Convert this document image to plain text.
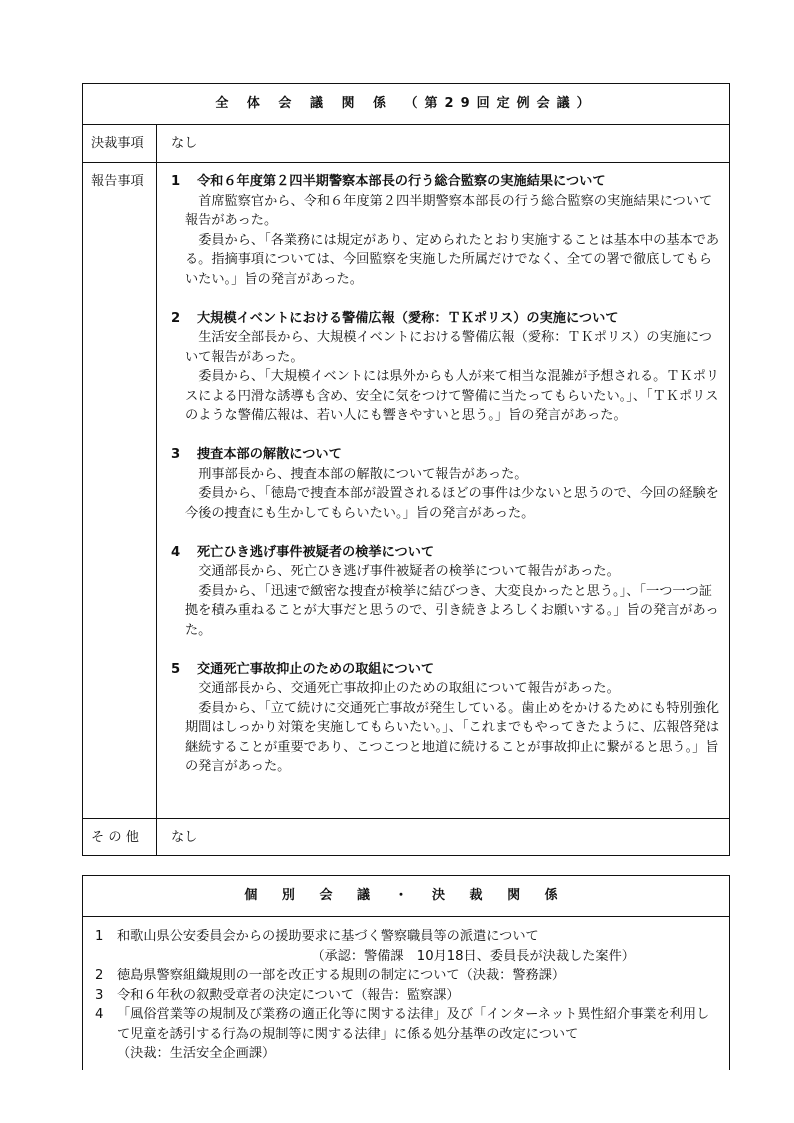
全 体 会 議 関 係 （第29回定例会議）
決裁事項	なし
報告事項	1 令和６年度第２四半期警察本部長の行う総合監察の実施結果について

首席監察官から、令和６年度第２四半期警察本部長の行う総合監察の実施結果について報告があった。

委員から、「各業務には規定があり、定められたとおり実施することは基本中の基本である。指摘事項については、今回監察を実施した所属だけでなく、全ての署で徹底してもらいたい。」旨の発言があった。

2 大規模イベントにおける警備広報（愛称：ＴＫポリス）の実施について

生活安全部長から、大規模イベントにおける警備広報（愛称：ＴＫポリス）の実施について報告があった。

委員から、「大規模イベントには県外からも人が来て相当な混雑が予想される。ＴＫポリスによる円滑な誘導も含め、安全に気をつけて警備に当たってもらいたい。」、「ＴＫポリスのような警備広報は、若い人にも響きやすいと思う。」旨の発言があった。

3 捜査本部の解散について

刑事部長から、捜査本部の解散について報告があった。

委員から、「徳島で捜査本部が設置されるほどの事件は少ないと思うので、今回の経験を今後の捜査にも生かしてもらいたい。」旨の発言があった。

4 死亡ひき逃げ事件被疑者の検挙について

交通部長から、死亡ひき逃げ事件被疑者の検挙について報告があった。

委員から、「迅速で緻密な捜査が検挙に結びつき、大変良かったと思う。」、「一つ一つ証拠を積み重ねることが大事だと思うので、引き続きよろしくお願いする。」旨の発言があった。

5 交通死亡事故抑止のための取組について

交通部長から、交通死亡事故抑止のための取組について報告があった。

委員から、「立て続けに交通死亡事故が発生している。歯止めをかけるためにも特別強化期間はしっかり対策を実施してもらいたい。」、「これまでもやってきたように、広報啓発は継続することが重要であり、こつこつと地道に続けることが事故抑止に繋がると思う。」旨の発言があった。

そ の 他	なし
個 別 会 議 ・ 決 裁 関 係
1	和歌山県公安委員会からの援助要求に基づく警察職員等の派遣について
（承認：警備課　10月18日、委員長が決裁した案件）
2	徳島県警察組織規則の一部を改正する規則の制定について（決裁：警務課）
3	令和６年秋の叙勲受章者の決定について（報告：監察課）
4	「風俗営業等の規制及び業務の適正化等に関する法律」及び「インターネット異性紹介事業を利用して児童を誘引する行為の規制等に関する法律」に係る処分基準の改定について
（決裁：生活安全企画課）
